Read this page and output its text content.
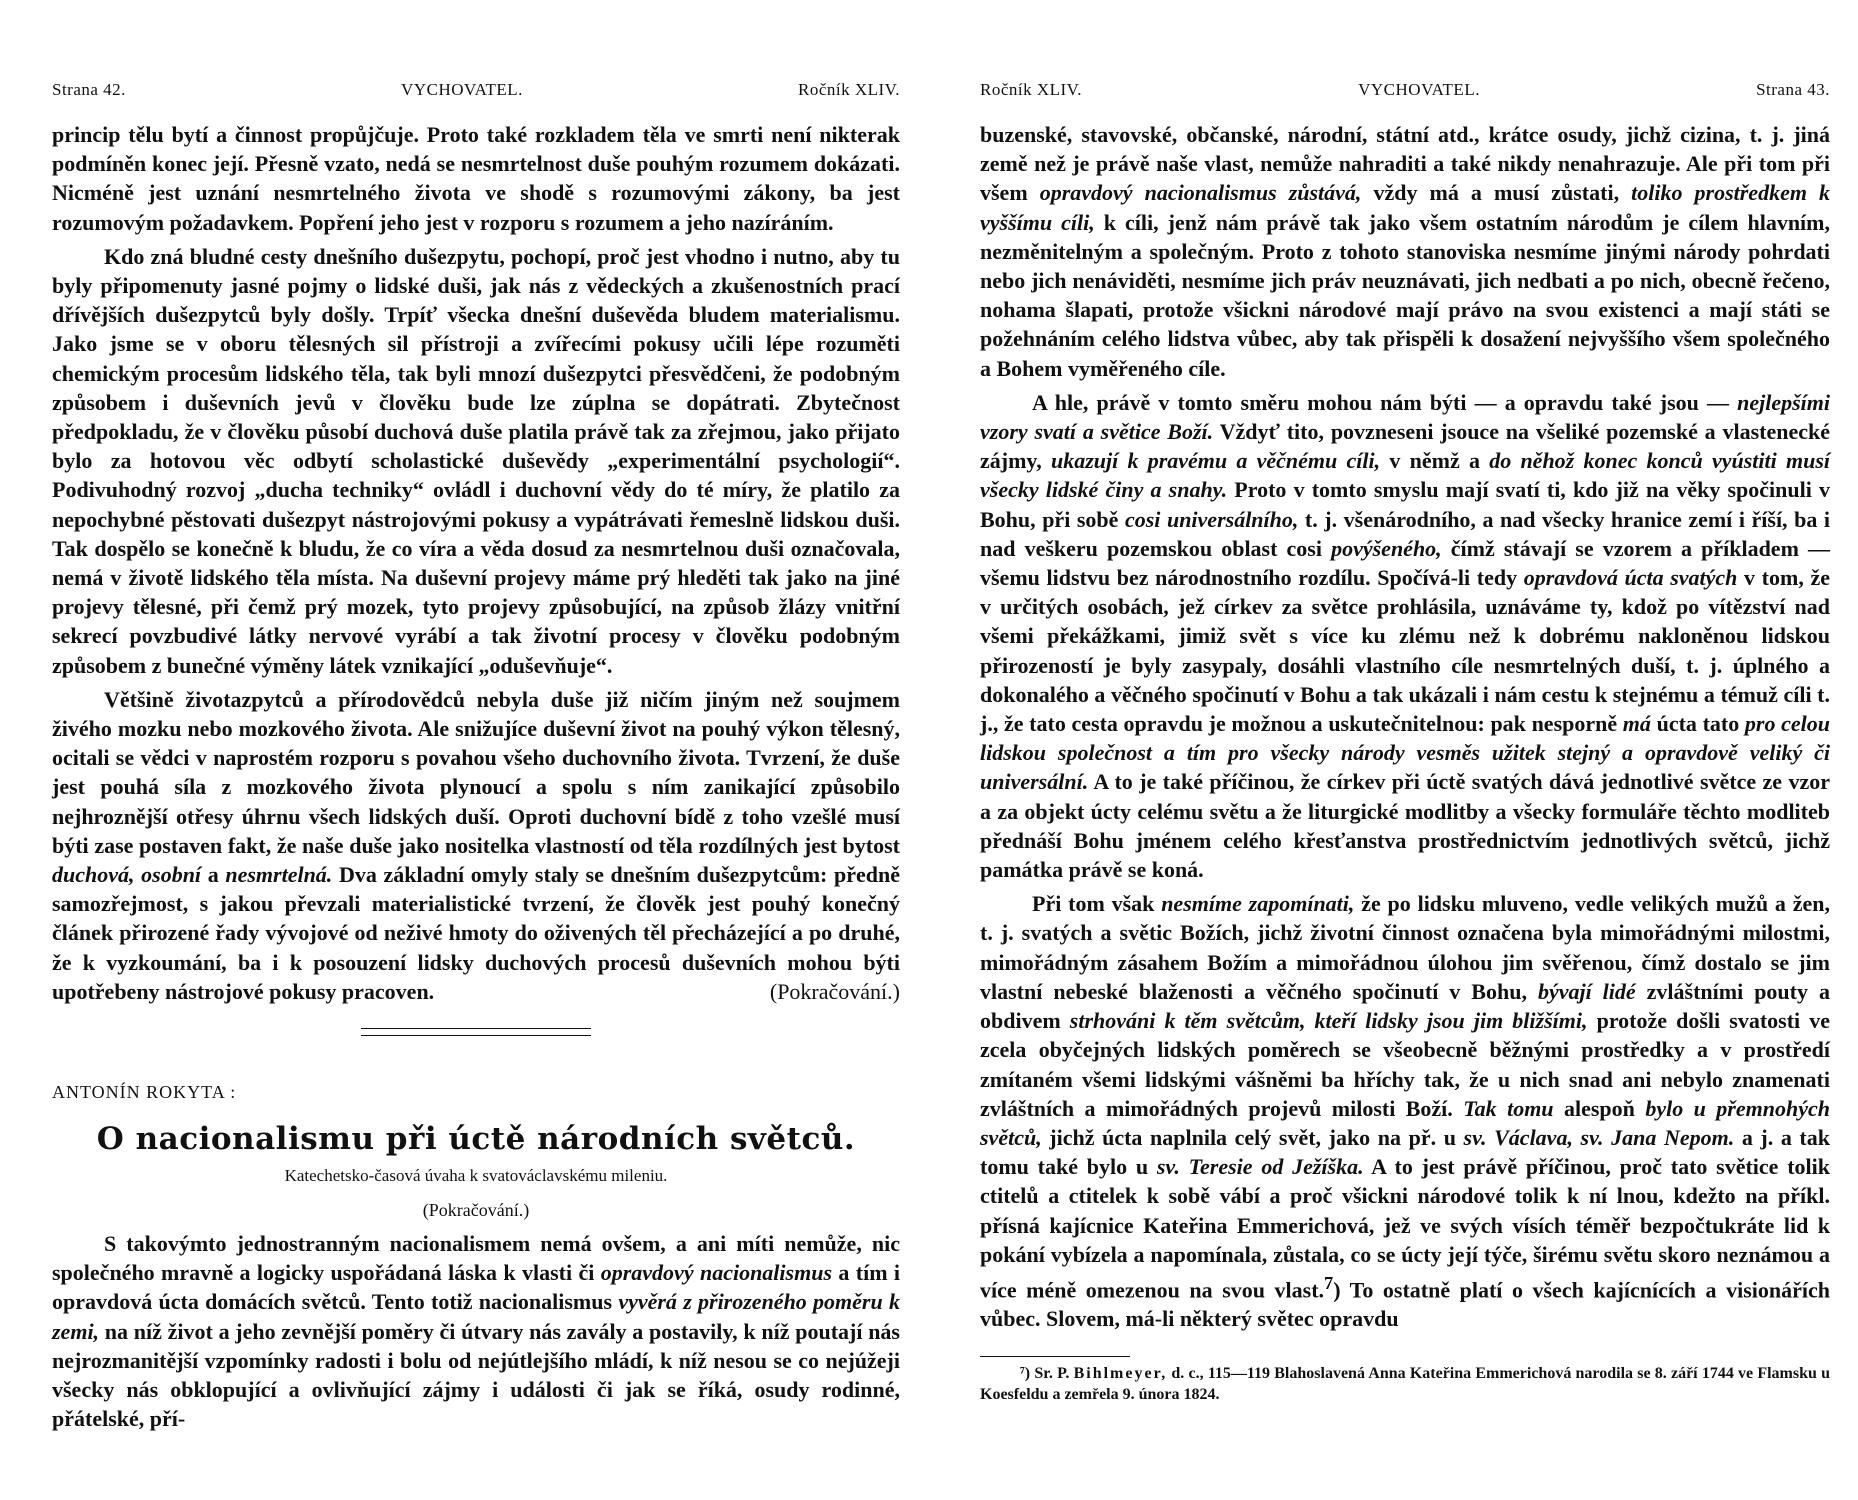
Strana 42.	VYCHOVATEL.	Ročník XLIV.

princip tělu bytí a činnost propůjčuje. Proto také rozkladem těla ve smrti není nikterak podmíněn konec její. Přesně vzato, nedá se nesmrtelnost duše pouhým rozumem dokázati. Nicméně jest uznání nesmrtelného života ve shodě s rozumovými zákony, ba jest rozumovým požadavkem. Popření jeho jest v rozporu s rozumem a jeho nazíráním.

Kdo zná bludné cesty dnešního dušezpytu, pochopí, proč jest vhodno i nutno, aby tu byly připomenuty jasné pojmy o lidské duši, jak nás z vědeckých a zkušenostních prací dřívějších dušezpytců byly došly. Trpíť všecka dnešní duševěda bludem materialismu. Jako jsme se v oboru tělesných sil přístroji a zvířecími pokusy učili lépe rozuměti chemickým procesům lidského těla, tak byli mnozí dušezpytci přesvědčeni, že podobným způsobem i duševních jevů v člověku bude lze zúplna se dopátrati. Zbytečnost předpokladu, že v člověku působí duchová duše platila právě tak za zřejmou, jako přijato bylo za hotovou věc odbytí scholastické duševědy „experimentální psychologií“. Podivuhodný rozvoj „ducha techniky“ ovládl i duchovní vědy do té míry, že platilo za nepochybné pěstovati dušezpyt nástrojovými pokusy a vypátrávati řemeslně lidskou duši. Tak dospělo se konečně k bludu, že co víra a věda dosud za nesmrtelnou duši označovala, nemá v životě lidského těla místa. Na duševní projevy máme prý hleděti tak jako na jiné projevy tělesné, při čemž prý mozek, tyto projevy způsobující, na způsob žlázy vnitřní sekrecí povzbudivé látky nervové vyrábí a tak životní procesy v člověku podobným způsobem z bunečné výměny látek vznikající „oduševňuje“.

Většině životazpytců a přírodovědců nebyla duše již ničím jiným než soujmem živého mozku nebo mozkového života. Ale snižujíce duševní život na pouhý výkon tělesný, ocitali se vědci v naprostém rozporu s povahou všeho duchovního života. Tvrzení, že duše jest pouhá síla z mozkového života plynoucí a spolu s ním zanikající způsobilo nejhroznější otřesy úhrnu všech lidských duší. Oproti duchovní bídě z toho vzešlé musí býti zase postaven fakt, že naše duše jako nositelka vlastností od těla rozdílných jest bytost duchová, osobní a nesmrtelná. Dva základní omyly staly se dnešním dušezpytcům: předně samozřejmost, s jakou převzali materialistické tvrzení, že člověk jest pouhý konečný článek přirozené řady vývojové od neživé hmoty do oživených těl přecházející a po druhé, že k vyzkoumání, ba i k posouzení lidsky duchových procesů duševních mohou býti upotřebeny nástrojové pokusy pracoven.	(Pokračování.)

ANTONÍN ROKYTA :
O nacionalismu při úctě národních světců.
Katechetsko-časová úvaha k svatováclavskému mileniu.
(Pokračování.)

S takovýmto jednostranným nacionalismem nemá ovšem, a ani míti nemůže, nic společného mravně a logicky uspořádaná láska k vlasti či opravdový nacionalismus a tím i opravdová úcta domácích světců. Tento totiž nacionalismus vyvěrá z přirozeného poměru k zemi, na níž život a jeho zevnější poměry či útvary nás zavály a postavily, k níž poutají nás nejrozmanitější vzpomínky radosti i bolu od nejútlejšího mládí, k níž nesou se co nejúžeji všecky nás obklopující a ovlivňující zájmy i události či jak se říká, osudy rodinné, přátelské, pří-

Ročník XLIV.	VYCHOVATEL.	Strana 43.

buzenské, stavovské, občanské, národní, státní atd., krátce osudy, jichž cizina, t. j. jiná země než je právě naše vlast, nemůže nahraditi a také nikdy nenahrazuje. Ale při tom při všem opravdový nacionalismus zůstává, vždy má a musí zůstati, toliko prostředkem k vyššímu cíli, k cíli, jenž nám právě tak jako všem ostatním národům je cílem hlavním, nezměnitelným a společným. Proto z tohoto stanoviska nesmíme jinými národy pohrdati nebo jich nenáviděti, nesmíme jich práv neuznávati, jich nedbati a po nich, obecně řečeno, nohama šlapati, protože všickni národové mají právo na svou existenci a mají státi se požehnáním celého lidstva vůbec, aby tak přispěli k dosažení nejvyššího všem společného a Bohem vyměřeného cíle.

A hle, právě v tomto směru mohou nám býti — a opravdu také jsou — nejlepšími vzory svatí a světice Boží. Vždyť tito, povzneseni jsouce na všeliké pozemské a vlastenecké zájmy, ukazují k pravému a věčnému cíli, v němž a do něhož konec konců vyústiti musí všecky lidské činy a snahy. Proto v tomto smyslu mají svatí ti, kdo již na věky spočinuli v Bohu, při sobě cosi universálního, t. j. všenárodního, a nad všecky hranice zemí i říší, ba i nad veškeru pozemskou oblast cosi povýšeného, čímž stávají se vzorem a příkladem — všemu lidstvu bez národnostního rozdílu. Spočívá-li tedy opravdová úcta svatých v tom, že v určitých osobách, jež církev za světce prohlásila, uznáváme ty, kdož po vítězství nad všemi překážkami, jimiž svět s více ku zlému než k dobrému nakloněnou lidskou přirozeností je byly zasypaly, dosáhli vlastního cíle nesmrtelných duší, t. j. úplného a dokonalého a věčného spočinutí v Bohu a tak ukázali i nám cestu k stejnému a témuž cíli t. j., že tato cesta opravdu je možnou a uskutečnitelnou: pak nesporně má úcta tato pro celou lidskou společnost a tím pro všecky národy vesměs užitek stejný a opravdově veliký či universální. A to je také příčinou, že církev při úctě svatých dává jednotlivé světce ze vzor a za objekt úcty celému světu a že liturgické modlitby a všecky formuláře těchto modliteb přednáší Bohu jménem celého křesťanstva prostřednictvím jednotlivých světců, jichž památka právě se koná.

Při tom však nesmíme zapomínati, že po lidsku mluveno, vedle velikých mužů a žen, t. j. svatých a světic Božích, jichž životní činnost označena byla mimořádnými milostmi, mimořádným zásahem Božím a mimořádnou úlohou jim svěřenou, čímž dostalo se jim vlastní nebeské blaženosti a věčného spočinutí v Bohu, bývají lidé zvláštními pouty a obdivem strhováni k těm světcům, kteří lidsky jsou jim bližšími, protože došli svatosti ve zcela obyčejných lidských poměrech se všeobecně běžnými prostředky a v prostředí zmítaném všemi lidskými vášněmi ba hříchy tak, že u nich snad ani nebylo znamenati zvláštních a mimořádných projevů milosti Boží. Tak tomu alespoň bylo u přemnohých světců, jichž úcta naplnila celý svět, jako na př. u sv. Václava, sv. Jana Nepom. a j. a tak tomu také bylo u sv. Teresie od Ježíška. A to jest právě příčinou, proč tato světice tolik ctitelů a ctitelek k sobě vábí a proč všickni národové tolik k ní lnou, kdežto na příkl. přísná kajícnice Kateřina Emmerichová, jež ve svých vísích téměř bezpočtukráte lid k pokání vybízela a napomínala, zůstala, co se úcty její týče, širému světu skoro neznámou a více méně omezenou na svou vlast.$^7$) To ostatně platí o všech kajícnících a visionářích vůbec. Slovem, má-li některý světec opravdu

⁷) Sr. P. Bihlmeyer, d. c., 115—119 Blahoslavená Anna Kateřina Emmerichová narodila se 8. září 1744 ve Flamsku u Koesfeldu a zemřela 9. února 1824.
